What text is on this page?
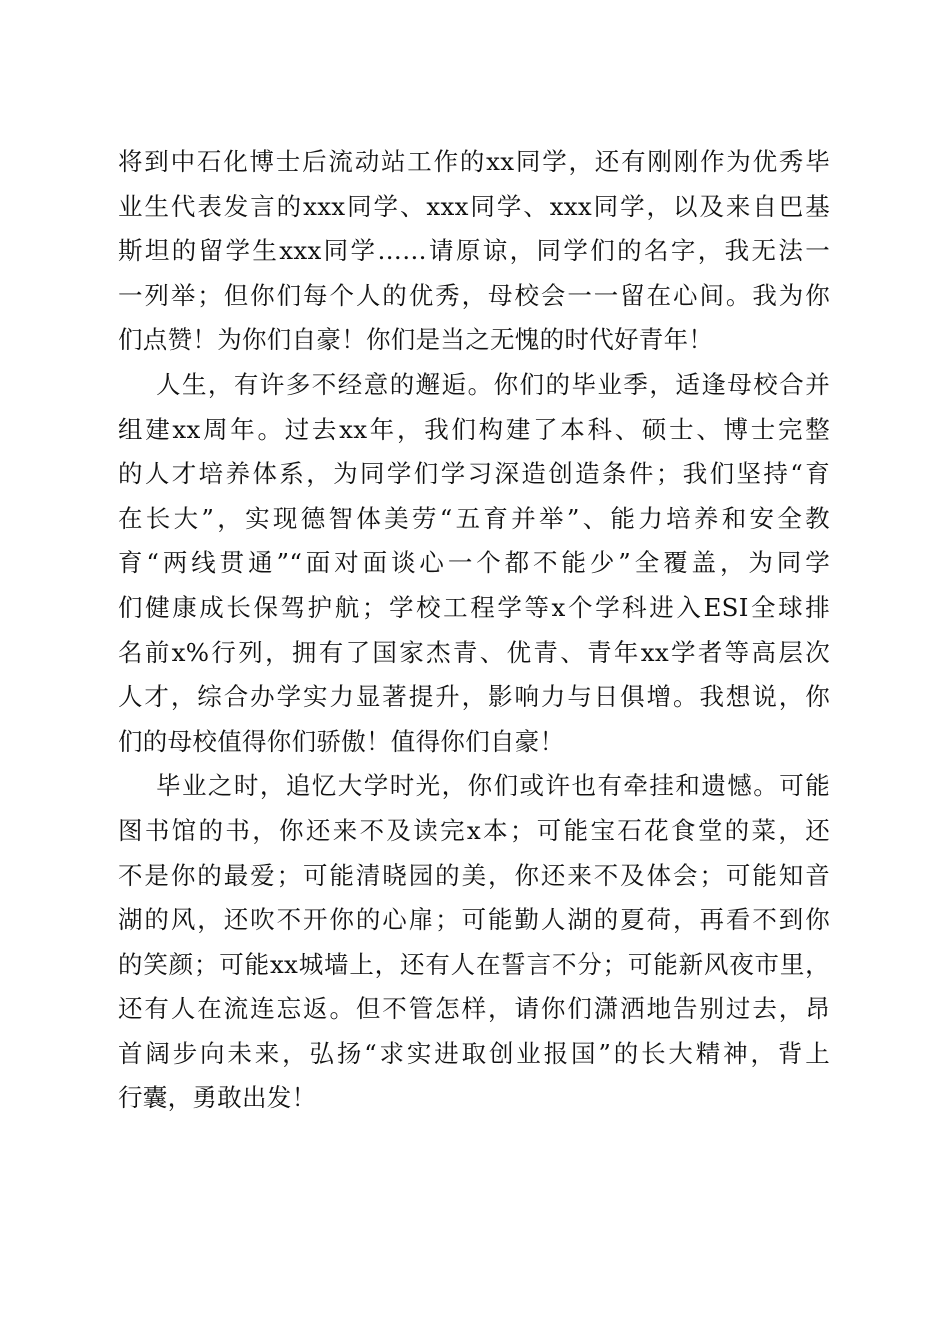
将到中石化博士后流动站工作的xx同学，还有刚刚作为优秀毕
业生代表发言的xxx同学、xxx同学、xxx同学，以及来自巴基
斯坦的留学生xxx同学……请原谅，同学们的名字，我无法一
一列举；但你们每个人的优秀，母校会一一留在心间。我为你
们点赞！为你们自豪！你们是当之无愧的时代好青年！
人生，有许多不经意的邂逅。你们的毕业季，适逢母校合并
组建xx周年。过去xx年，我们构建了本科、硕士、博士完整
的人才培养体系，为同学们学习深造创造条件；我们坚持“育
在长大”，实现德智体美劳“五育并举”、能力培养和安全教
育“两线贯通”“面对面谈心一个都不能少”全覆盖，为同学
们健康成长保驾护航；学校工程学等x个学科进入ESI全球排
名前x%行列，拥有了国家杰青、优青、青年xx学者等高层次
人才，综合办学实力显著提升，影响力与日俱增。我想说，你
们的母校值得你们骄傲！值得你们自豪！
毕业之时，追忆大学时光，你们或许也有牵挂和遗憾。可能
图书馆的书，你还来不及读完x本；可能宝石花食堂的菜，还
不是你的最爱；可能清晓园的美，你还来不及体会；可能知音
湖的风，还吹不开你的心扉；可能勤人湖的夏荷，再看不到你
的笑颜；可能xx城墙上，还有人在誓言不分；可能新风夜市里，
还有人在流连忘返。但不管怎样，请你们潇洒地告别过去，昂
首阔步向未来，弘扬“求实进取创业报国”的长大精神，背上
行囊，勇敢出发！
